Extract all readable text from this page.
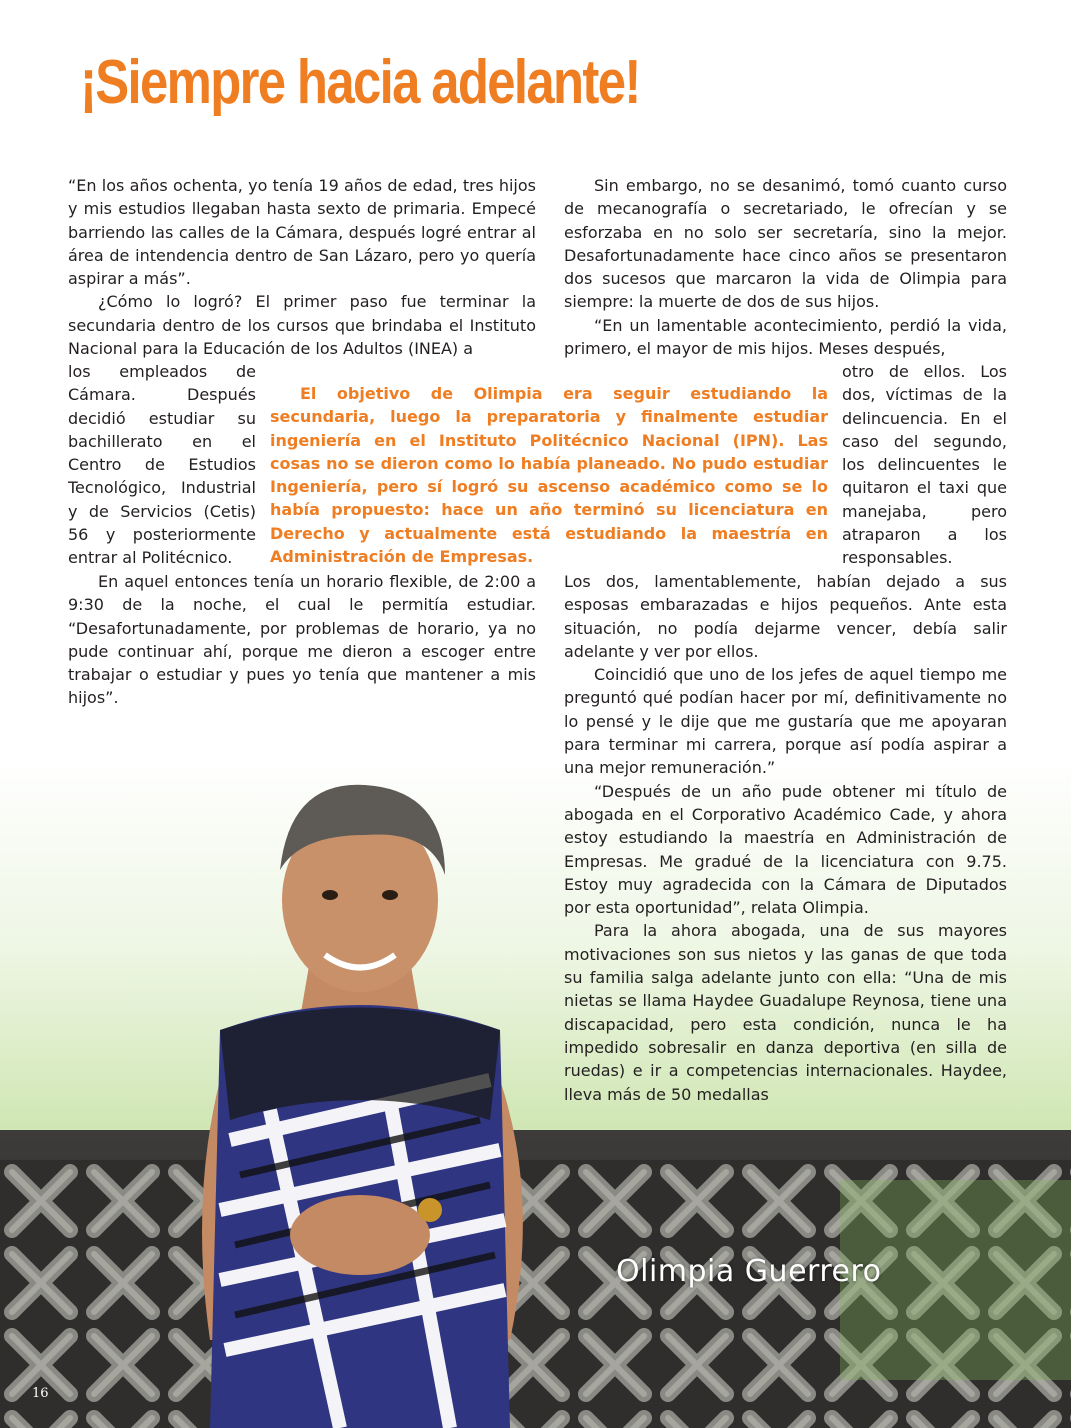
¡Siempre hacia adelante!

“En los años ochenta, yo tenía 19 años de edad, tres hijos y mis estudios llegaban hasta sexto de primaria. Empecé barriendo las calles de la Cámara, después logré entrar al área de intendencia dentro de San Lázaro, pero yo quería aspirar a más”.

¿Cómo lo logró? El primer paso fue terminar la secundaria dentro de los cursos que brindaba el Instituto Nacional para la Educación de los Adultos (INEA) a

los empleados de Cámara. Después decidió estudiar su bachillerato en el Centro de Estudios Tecnológico, Industrial y de Servicios (Cetis) 56 y posteriormente entrar al Politécnico.

En aquel entonces tenía un horario flexible, de 2:00 a 9:30 de la noche, el cual le permitía estudiar. “Desafortunadamente, por problemas de horario, ya no pude continuar ahí, porque me dieron a escoger entre trabajar o estudiar y pues yo tenía que mantener a mis hijos”.

Sin embargo, no se desanimó, tomó cuanto curso de mecanografía o secretariado, le ofrecían y se esforzaba en no solo ser secretaría, sino la mejor. Desafortunadamente hace cinco años se presentaron dos sucesos que marcaron la vida de Olimpia para siempre: la muerte de dos de sus hijos.

“En un lamentable acontecimiento, perdió la vida, primero, el mayor de mis hijos. Meses después,

otro de ellos. Los dos, víctimas de la delincuencia. En el caso del segundo, los delincuentes le quitaron el taxi que manejaba, pero atraparon a los responsables.

Los dos, lamentablemente, habían dejado a sus esposas embarazadas e hijos pequeños. Ante esta situación, no podía dejarme vencer, debía salir adelante y ver por ellos.

Coincidió que uno de los jefes de aquel tiempo me preguntó qué podían hacer por mí, definitivamente no lo pensé y le dije que me gustaría que me apoyaran para terminar mi carrera, porque así podía aspirar a una mejor remuneración.”

“Después de un año pude obtener mi título de abogada en el Corporativo Académico Cade, y ahora estoy estudiando la maestría en Administración de Empresas. Me gradué de la licenciatura con 9.75. Estoy muy agradecida con la Cámara de Diputados por esta oportunidad”, relata Olimpia.

Para la ahora abogada, una de sus mayores motivaciones son sus nietos y las ganas de que toda su familia salga adelante junto con ella: “Una de mis nietas se llama Haydee Guadalupe Reynosa, tiene una discapacidad, pero esta condición, nunca le ha impedido sobresalir en danza deportiva (en silla de ruedas) e ir a competencias internacionales. Haydee, lleva más de 50 medallas

El objetivo de Olimpia era seguir estudiando la secundaria, luego la preparatoria y finalmente estudiar ingeniería en el Instituto Politécnico Nacional (IPN). Las cosas no se dieron como lo había planeado. No pudo estudiar Ingeniería, pero sí logró su ascenso académico como se lo había propuesto: hace un año terminó su licenciatura en Derecho y actualmente está estudiando la maestría en Administración de Empresas.

Olimpia Guerrero
16
